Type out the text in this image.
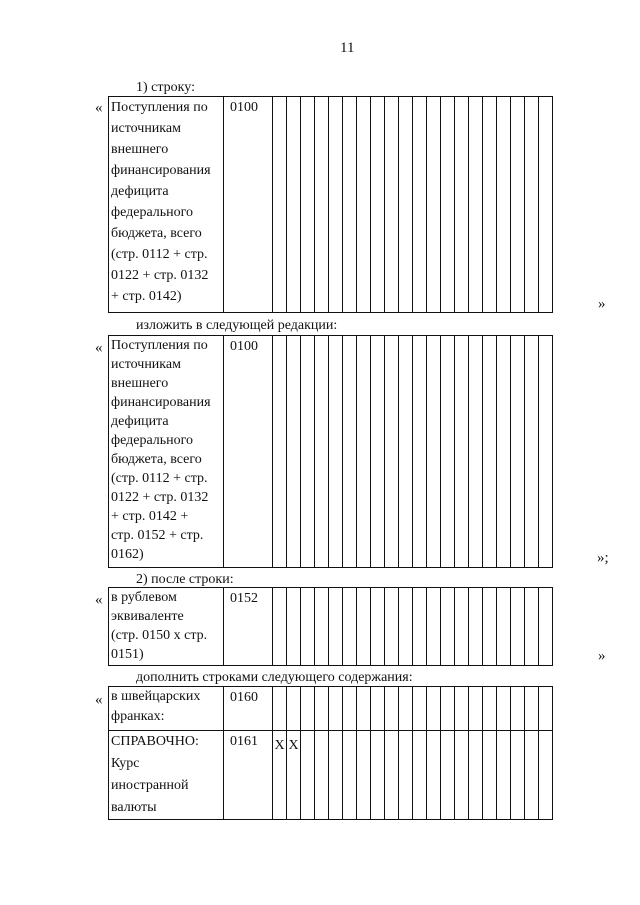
11
1) строку:
« Поступления по
источникам
внешнего
финансирования
дефицита
федерального
бюджета, всего
(стр. 0112 + стр.
0122 + стр. 0132
+ стр. 0142)
	0100																				
»
изложить в следующей редакции:
« Поступления по
источникам
внешнего
финансирования
дефицита
федерального
бюджета, всего
(стр. 0112 + стр.
0122 + стр. 0132
+ стр. 0142 +
стр. 0152 + стр.
0162)
	0100																				
»;
2) после строки:
« в рублевом
эквиваленте
(стр. 0150 х стр.
0151)
	0152																				
»
дополнить строками следующего содержания:
« в швейцарских
франках:	0160																				

СПРАВОЧНО:
Курс
иностранной
валюты	0161	X	X																		
